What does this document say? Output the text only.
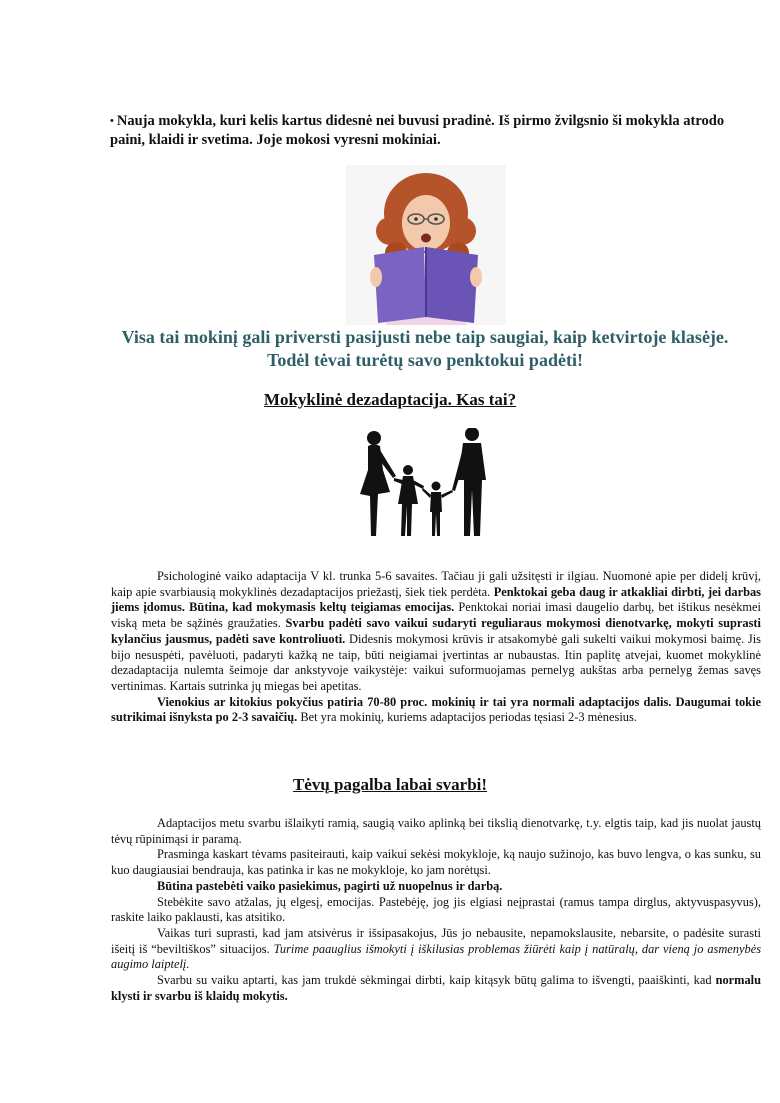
• Nauja mokykla, kuri kelis kartus didesnė nei buvusi pradinė. Iš pirmo žvilgsnio ši mokykla atrodo paini, klaidi ir svetima. Joje mokosi vyresni mokiniai.
Visa tai mokinį gali priversti pasijusti nebe taip saugiai, kaip ketvirtoje klasėje.
Todėl tėvai turėtų savo penktokui padėti!
Mokyklinė dezadaptacija. Kas tai?

Psichologinė vaiko adaptacija V kl. trunka 5-6 savaites. Tačiau ji gali užsitęsti ir ilgiau. Nuomonė apie per didelį krūvį, kaip apie svarbiausią mokyklinės dezadaptacijos priežastį, šiek tiek perdėta. Penktokai geba daug ir atkakliai dirbti, jei darbas jiems įdomus. Būtina, kad mokymasis keltų teigiamas emocijas. Penktokai noriai imasi daugelio darbų, bet ištikus nesėkmei viską meta be sąžinės graužaties. Svarbu padėti savo vaikui sudaryti reguliaraus mokymosi dienotvarkę, mokyti suprasti kylančius jausmus, padėti save kontroliuoti. Didesnis mokymosi krūvis ir atsakomybė gali sukelti vaikui mokymosi baimę. Jis bijo nesuspėti, pavėluoti, padaryti kažką ne taip, būti neigiamai įvertintas ar nubaustas. Itin paplitę atvejai, kuomet mokyklinė dezadaptacija nulemta šeimoje dar ankstyvoje vaikystėje: vaikui suformuojamas pernelyg aukštas arba pernelyg žemas savęs vertinimas. Kartais sutrinka jų miegas bei apetitas.

Vienokius ar kitokius pokyčius patiria 70-80 proc. mokinių ir tai yra normali adaptacijos dalis. Daugumai tokie sutrikimai išnyksta po 2-3 savaičių. Bet yra mokinių, kuriems adaptacijos periodas tęsiasi 2-3 mėnesius.

Tėvų pagalba labai svarbi!

Adaptacijos metu svarbu išlaikyti ramią, saugią vaiko aplinką bei tikslią dienotvarkę, t.y. elgtis taip, kad jis nuolat jaustų tėvų rūpinimąsi ir paramą.

Prasminga kaskart tėvams pasiteirauti, kaip vaikui sekėsi mokykloje, ką naujo sužinojo, kas buvo lengva, o kas sunku, su kuo daugiausiai bendrauja, kas patinka ir kas ne mokykloje, ko jam norėtųsi.

Būtina pastebėti vaiko pasiekimus, pagirti už nuopelnus ir darbą.

Stebėkite savo atžalas, jų elgesį, emocijas. Pastebėję, jog jis elgiasi neįprastai (ramus tampa dirglus, aktyvuspasyvus), raskite laiko paklausti, kas atsitiko.

Vaikas turi suprasti, kad jam atsivėrus ir išsipasakojus, Jūs jo nebausite, nepamokslausite, nebarsite, o padėsite surasti išeitį iš “beviltiškos” situacijos. Turime paauglius išmokyti į iškilusias problemas žiūrėti kaip į natūralų, dar vieną jo asmenybės augimo laiptelį.

Svarbu su vaiku aptarti, kas jam trukdė sėkmingai dirbti, kaip kitąsyk būtų galima to išvengti, paaiškinti, kad normalu klysti ir svarbu iš klaidų mokytis.
